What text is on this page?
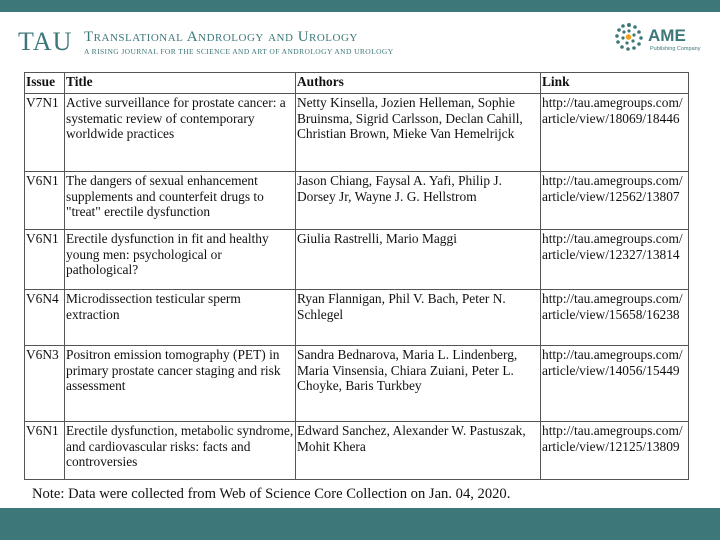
TAU Translational Andrology and Urology
A RISING JOURNAL FOR THE SCIENCE AND ART OF ANDROLOGY AND UROLOGY
AME
Publishing Company
Issue	Title	Authors	Link
V7N1	Active surveillance for prostate cancer: a systematic review of contemporary worldwide practices	Netty Kinsella, Jozien Helleman, Sophie Bruinsma, Sigrid Carlsson, Declan Cahill, Christian Brown, Mieke Van Hemelrijck	http://tau.amegroups.com/article/view/18069/18446
V6N1	The dangers of sexual enhancement supplements and counterfeit drugs to "treat" erectile dysfunction	Jason Chiang, Faysal A. Yafi, Philip J. Dorsey Jr, Wayne J. G. Hellstrom	http://tau.amegroups.com/article/view/12562/13807
V6N1	Erectile dysfunction in fit and healthy young men: psychological or pathological?	Giulia Rastrelli, Mario Maggi	http://tau.amegroups.com/article/view/12327/13814
V6N4	Microdissection testicular sperm extraction	Ryan Flannigan, Phil V. Bach, Peter N. Schlegel	http://tau.amegroups.com/article/view/15658/16238
V6N3	Positron emission tomography (PET) in primary prostate cancer staging and risk assessment	Sandra Bednarova, Maria L. Lindenberg, Maria Vinsensia, Chiara Zuiani, Peter L. Choyke, Baris Turkbey	http://tau.amegroups.com/article/view/14056/15449
V6N1	Erectile dysfunction, metabolic syndrome, and cardiovascular risks: facts and controversies	Edward Sanchez, Alexander W. Pastuszak, Mohit Khera	http://tau.amegroups.com/article/view/12125/13809
Note: Data were collected from Web of Science Core Collection on Jan. 04, 2020.
